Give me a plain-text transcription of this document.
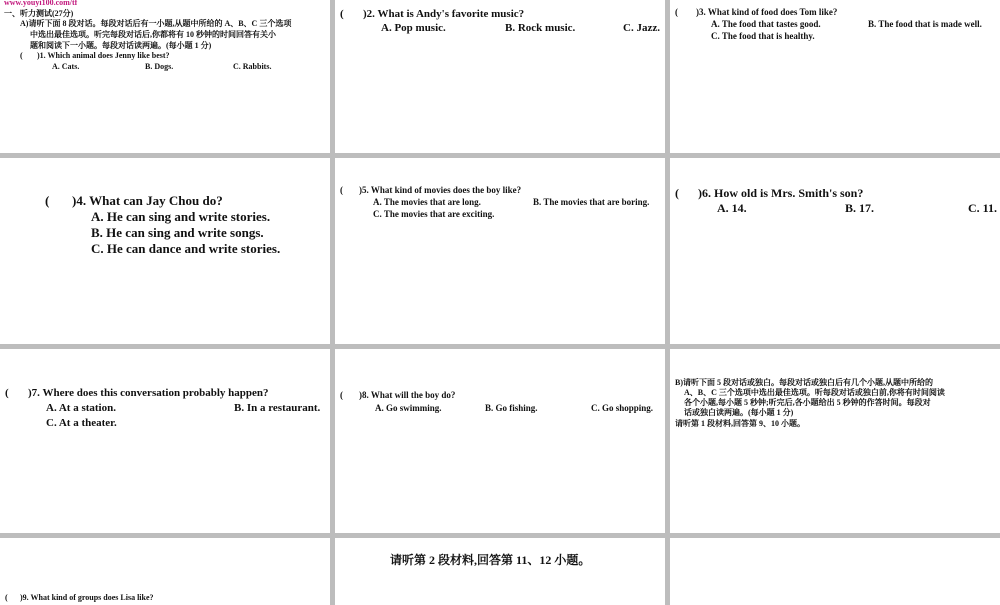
www.youyi100.com/tf
一、听力测试(27分)
A)请听下面 8 段对话。每段对话后有一小题,从题中所给的 A、B、C 三个选项
中选出最佳选项。听完每段对话后,你都将有 10 秒钟的时间回答有关小
题和阅读下一小题。每段对话读两遍。(每小题 1 分)
( )1. Which animal does Jenny like best?
A. Cats.	B. Dogs.	C. Rabbits.
( )2. What is Andy's favorite music?
A. Pop music.	B. Rock music.	C. Jazz.
( )3. What kind of food does Tom like?
A. The food that tastes good.	B. The food that is made well.
C. The food that is healthy.
( )4. What can Jay Chou do?
A. He can sing and write stories.
B. He can sing and write songs.
C. He can dance and write stories.
( )5. What kind of movies does the boy like?
A. The movies that are long.	B. The movies that are boring.
C. The movies that are exciting.
( )6. How old is Mrs. Smith's son?
A. 14.	B. 17.	C. 11.
( )7. Where does this conversation probably happen?
A. At a station.	B. In a restaurant.
C. At a theater.
( )8. What will the boy do?
A. Go swimming.	B. Go fishing.	C. Go shopping.
B)请听下面 5 段对话或独白。每段对话或独白后有几个小题,从题中所给的
A、B、C 三个选项中选出最佳选项。听每段对话或独白前,你将有时间阅读
各个小题,每小题 5 秒钟;听完后,各小题给出 5 秒钟的作答时间。每段对
话或独白读两遍。(每小题 1 分)
请听第 1 段材料,回答第 9、10 小题。
( )9. What kind of groups does Lisa like?
请听第 2 段材料,回答第 11、12 小题。
